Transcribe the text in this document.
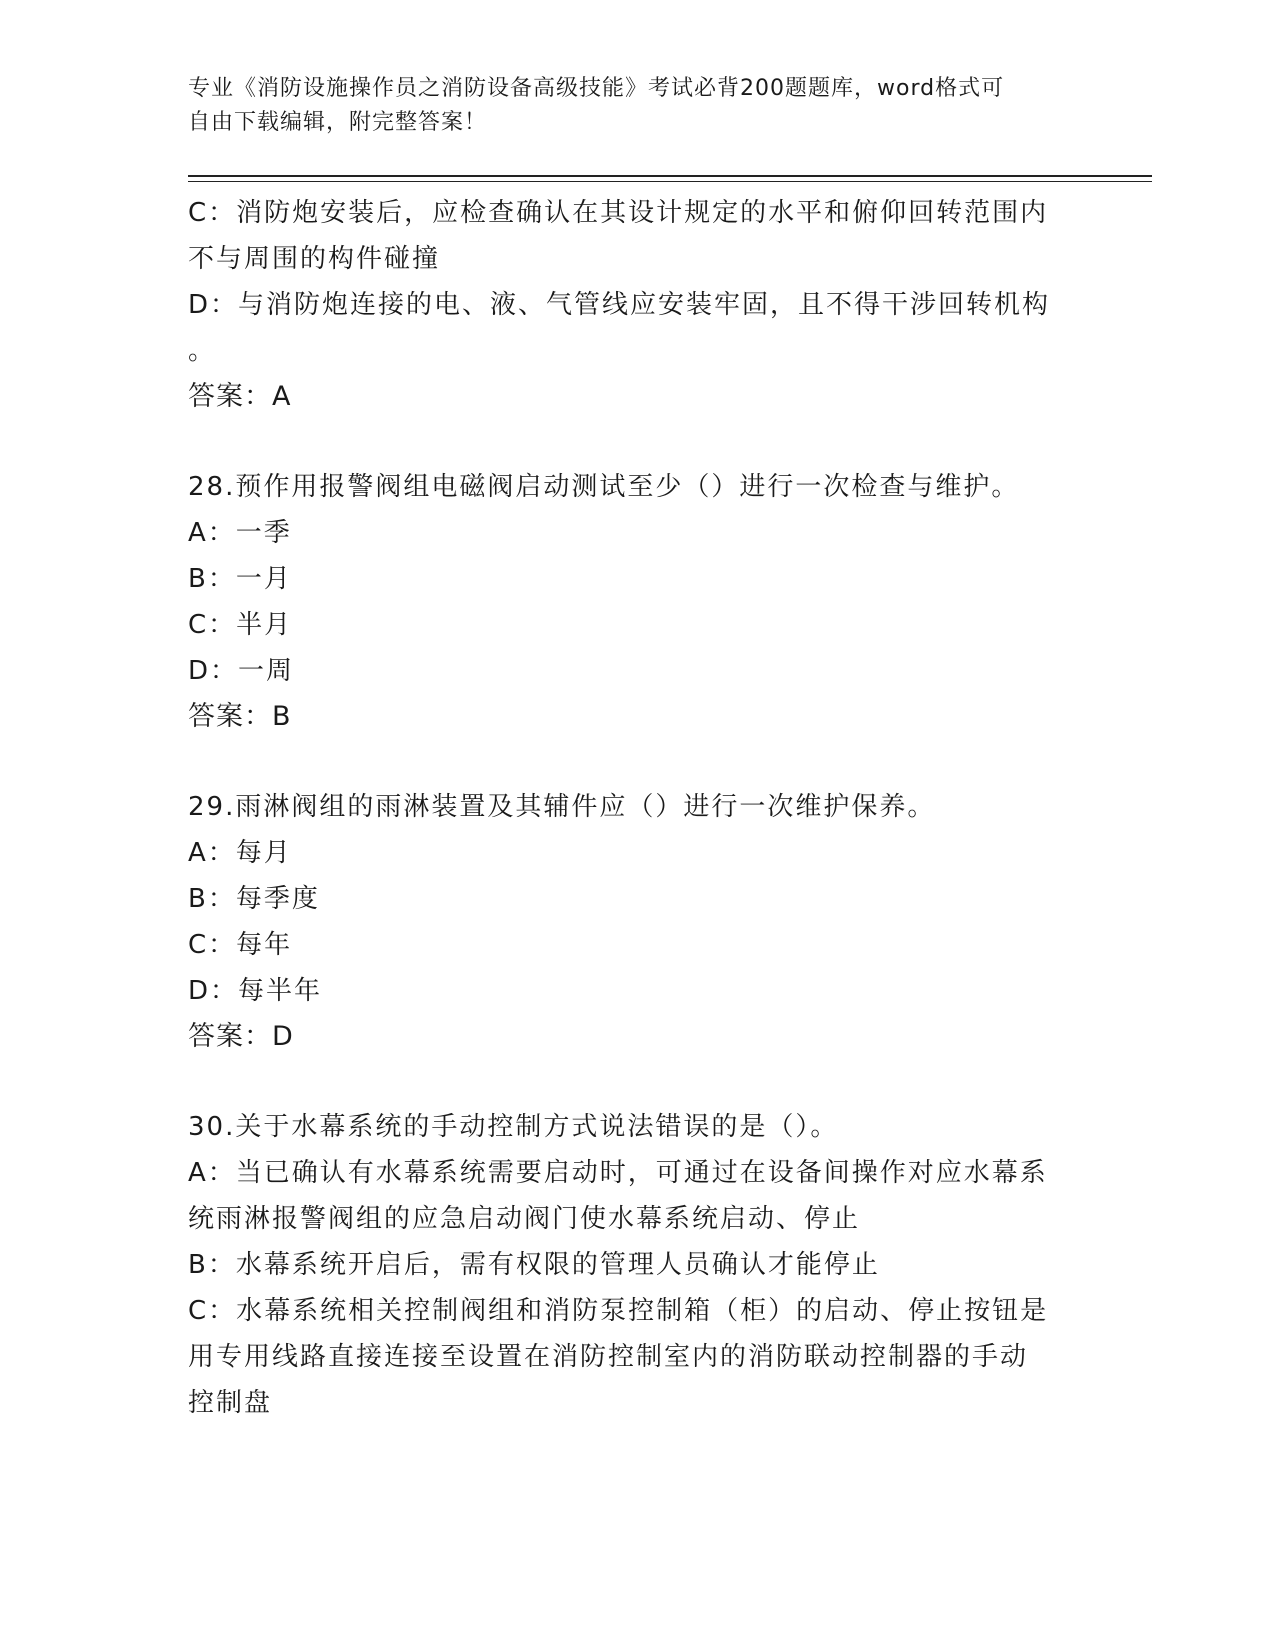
专业《消防设施操作员之消防设备高级技能》考试必背200题题库，word格式可
自由下载编辑，附完整答案！
C：消防炮安装后，应检查确认在其设计规定的水平和俯仰回转范围内
不与周围的构件碰撞
D：与消防炮连接的电、液、气管线应安装牢固，且不得干涉回转机构
。
答案：A
28.预作用报警阀组电磁阀启动测试至少（）进行一次检查与维护。
A：一季
B：一月
C：半月
D：一周
答案：B
29.雨淋阀组的雨淋装置及其辅件应（）进行一次维护保养。
A：每月
B：每季度
C：每年
D：每半年
答案：D
30.关于水幕系统的手动控制方式说法错误的是（）。
A：当已确认有水幕系统需要启动时，可通过在设备间操作对应水幕系
统雨淋报警阀组的应急启动阀门使水幕系统启动、停止
B：水幕系统开启后，需有权限的管理人员确认才能停止
C：水幕系统相关控制阀组和消防泵控制箱（柜）的启动、停止按钮是
用专用线路直接连接至设置在消防控制室内的消防联动控制器的手动
控制盘
